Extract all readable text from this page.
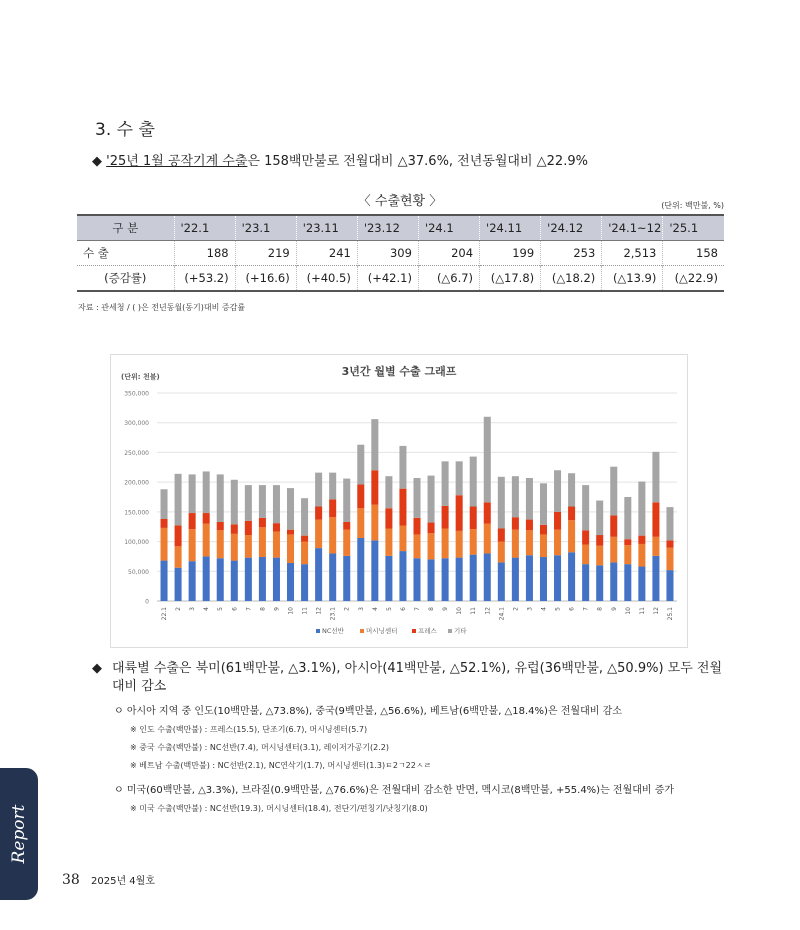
3. 수 출
◆ '25년 1월 공작기계 수출은 158백만불로 전월대비 △37.6%, 전년동월대비 △22.9%
〈 수출현황 〉	(단위: 백만불, %)
구 분	'22.1	'23.1	'23.11	'23.12	'24.1	'24.11	'24.12	'24.1~12	'25.1
수 출	188	219	241	309	204	199	253	2,513	158
(증감률)	(+53.2)	(+16.6)	(+40.5)	(+42.1)	(△6.7)	(△17.8)	(△18.2)	(△13.9)	(△22.9)
자료 : 관세청 / ( )은 전년동월(동기)대비 증감률
3년간 월별 수출 그래프
(단위: 천불)
0
50,000
100,000
150,000
200,000
250,000
300,000
350,000
22.1 2 3 4 5 6 7 8 9 10 11 12 23.1 2 3 4 5 6 7 8 9 10 11 12 24.1 2 3 4 5 6 7 8 9 10 11 12 25.1
NC선반	머시닝센터	프레스	기타
◆ 대륙별 수출은 북미(61백만불, △3.1%), 아시아(41백만불, △52.1%), 유럽(36백만불, △50.9%) 모두 전월대비 감소
ㅇ 아시아 지역 중 인도(10백만불, △73.8%), 중국(9백만불, △56.6%), 베트남(6백만불, △18.4%)은 전월대비 감소
※ 인도 수출(백만불) : 프레스(15.5), 단조기(6.7), 머시닝센터(5.7)
※ 중국 수출(백만불) : NC선반(7.4), 머시닝센터(3.1), 레이저가공기(2.2)
※ 베트남 수출(백만불) : NC선반(2.1), NC연삭기(1.7), 머시닝센터(1.3)ㅌ2ㄱ22ㅅㄹ
ㅇ 미국(60백만불, △3.3%), 브라질(0.9백만불, △76.6%)은 전월대비 감소한 반면, 멕시코(8백만불, +55.4%)는 전월대비 증가
※ 미국 수출(백만불) : NC선반(19.3), 머시닝센터(18.4), 전단기/펀칭기/낫칭기(8.0)
Report
38 2025년 4월호
